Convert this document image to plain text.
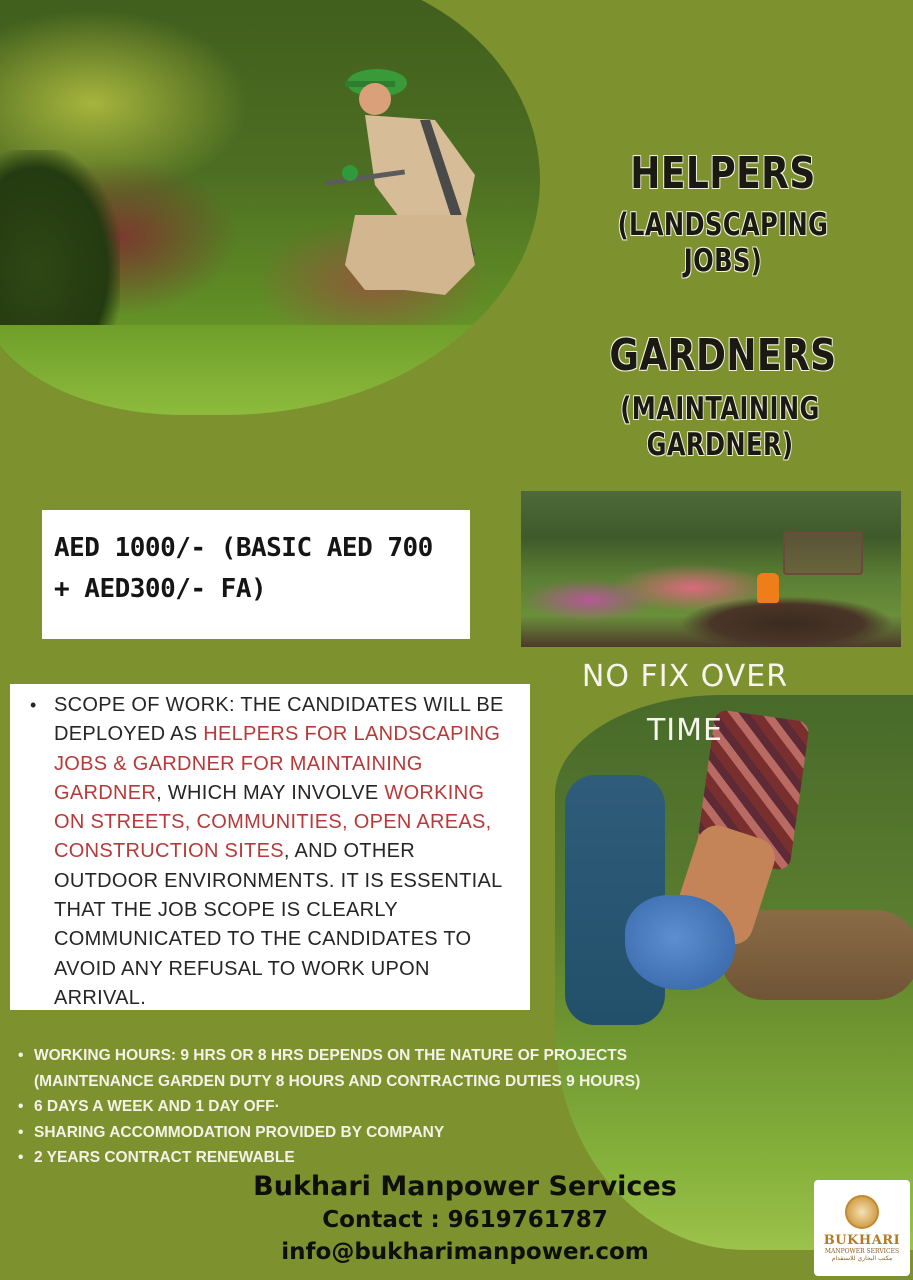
HELPERS
(LANDSCAPING JOBS)
GARDNERS
(MAINTAINING GARDNER)

AED 1000/- (BASIC AED 700

+ AED300/- FA)

NO FIX OVER
TIME
• SCOPE OF WORK: THE CANDIDATES WILL BE DEPLOYED AS HELPERS FOR LANDSCAPING JOBS & GARDNER FOR MAINTAINING GARDNER, WHICH MAY INVOLVE WORKING ON STREETS, COMMUNITIES, OPEN AREAS, CONSTRUCTION SITES, AND OTHER OUTDOOR ENVIRONMENTS. IT IS ESSENTIAL THAT THE JOB SCOPE IS CLEARLY COMMUNICATED TO THE CANDIDATES TO AVOID ANY REFUSAL TO WORK UPON ARRIVAL.
• WORKING HOURS: 9 HRS OR 8 HRS DEPENDS ON THE NATURE OF PROJECTS
(MAINTENANCE GARDEN DUTY 8 HOURS AND CONTRACTING DUTIES 9 HOURS)
• 6 DAYS A WEEK AND 1 DAY OFF·
• SHARING ACCOMMODATION PROVIDED BY COMPANY
• 2 YEARS CONTRACT RENEWABLE
Bukhari Manpower Services
Contact : 9619761787
info@bukharimanpower.com	BUKHARI
MANPOWER SERVICES
مكتب البخاري للاستقدام
